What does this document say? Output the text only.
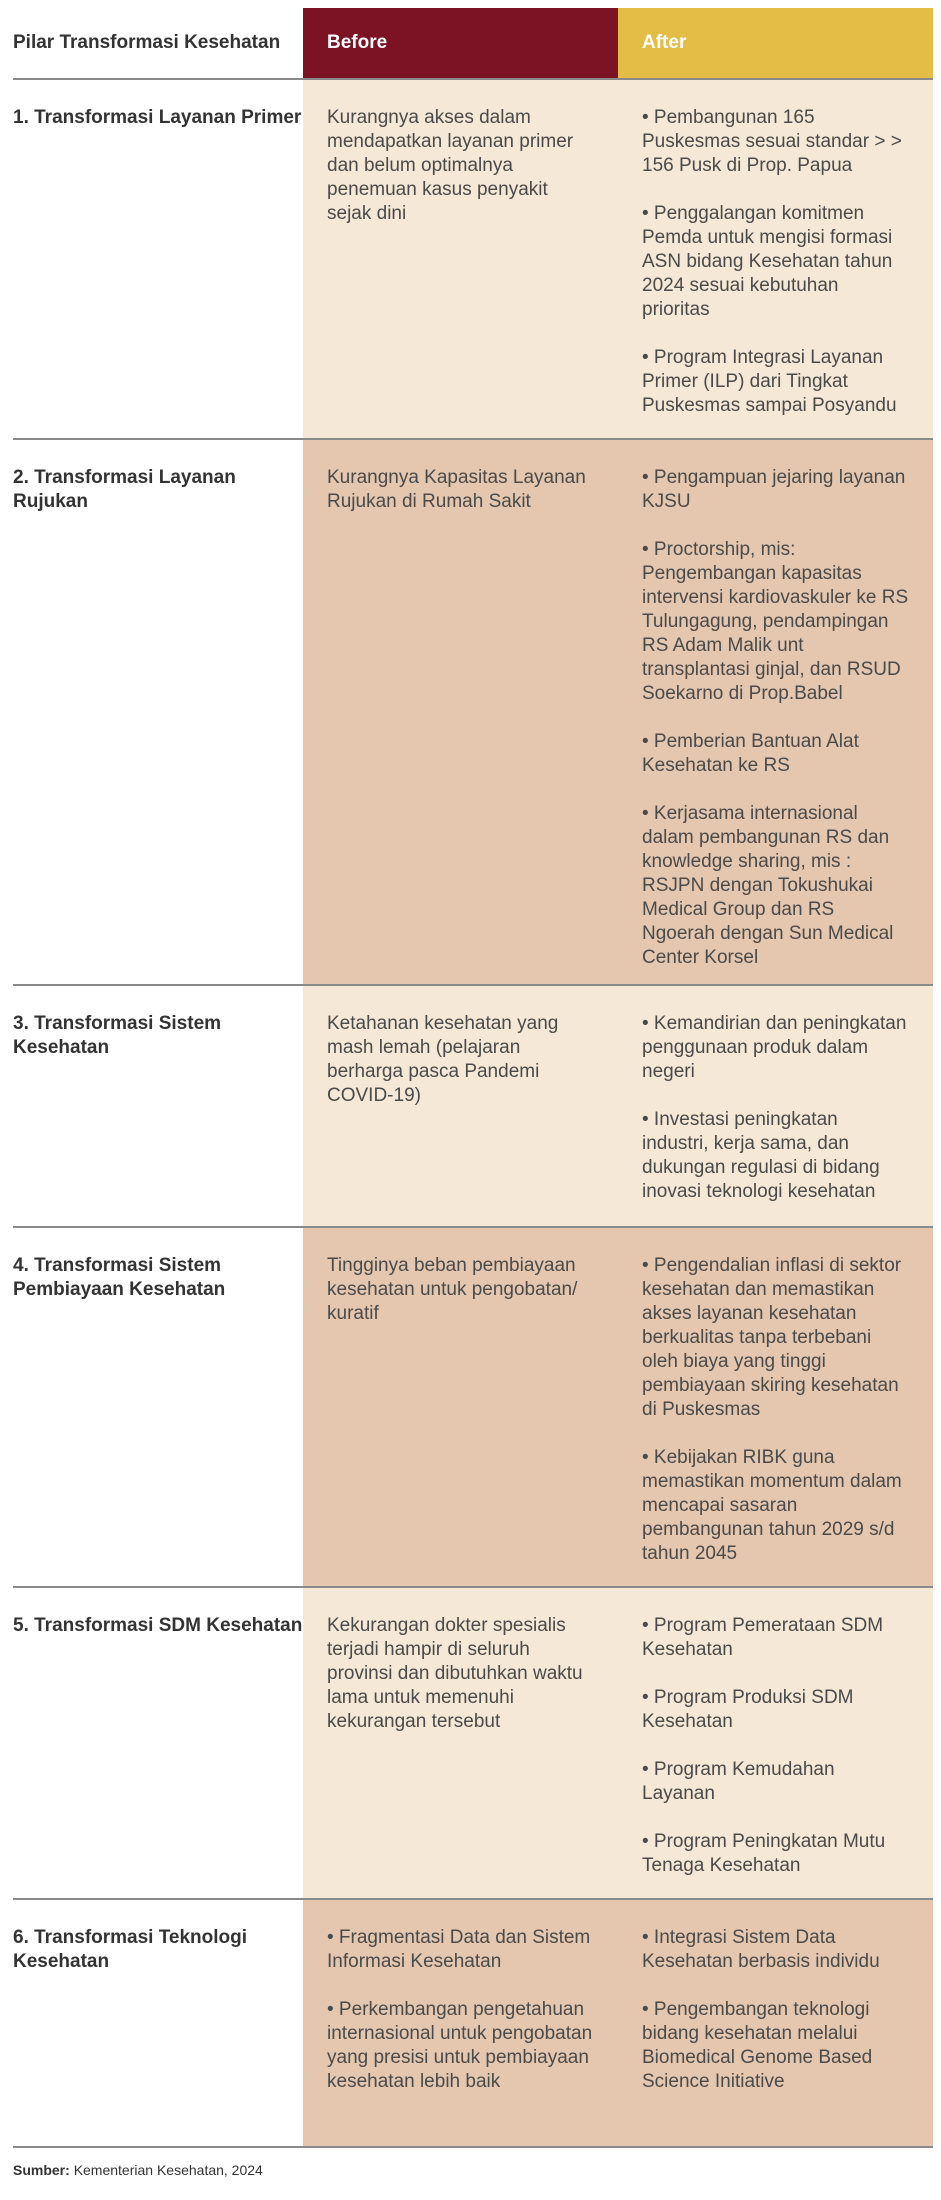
Pilar Transformasi Kesehatan	Before	After
1. Transformasi Layanan Primer Kurangnya akses dalam mendapatkan layanan primer dan belum optimalnya penemuan kasus penyakit sejak dini
• Pembangunan 165 Puskesmas sesuai standar > > 156 Pusk di Prop. Papua
• Penggalangan komitmen Pemda untuk mengisi formasi ASN bidang Kesehatan tahun 2024 sesuai kebutuhan prioritas
• Program Integrasi Layanan Primer (ILP) dari Tingkat Puskesmas sampai Posyandu
2. Transformasi Layanan Rujukan
Kurangnya Kapasitas Layanan Rujukan di Rumah Sakit
• Pengampuan jejaring layanan KJSU
• Proctorship, mis: Pengembangan kapasitas intervensi kardiovaskuler ke RS Tulungagung, pendampingan RS Adam Malik unt transplantasi ginjal, dan RSUD Soekarno di Prop.Babel
• Pemberian Bantuan Alat Kesehatan ke RS
• Kerjasama internasional dalam pembangunan RS dan knowledge sharing, mis : RSJPN dengan Tokushukai Medical Group dan RS Ngoerah dengan Sun Medical Center Korsel
3. Transformasi Sistem Kesehatan
Ketahanan kesehatan yang mash lemah (pelajaran berharga pasca Pandemi COVID-19)
• Kemandirian dan peningkatan penggunaan produk dalam negeri
• Investasi peningkatan industri, kerja sama, dan dukungan regulasi di bidang inovasi teknologi kesehatan
4. Transformasi Sistem Pembiayaan Kesehatan
Tingginya beban pembiayaan kesehatan untuk pengobatan/ kuratif
• Pengendalian inflasi di sektor kesehatan dan memastikan akses layanan kesehatan berkualitas tanpa terbebani oleh biaya yang tinggi pembiayaan skiring kesehatan di Puskesmas
• Kebijakan RIBK guna memastikan momentum dalam mencapai sasaran pembangunan tahun 2029 s/d tahun 2045
5. Transformasi SDM Kesehatan Kekurangan dokter spesialis terjadi hampir di seluruh provinsi dan dibutuhkan waktu lama untuk memenuhi kekurangan tersebut
• Program Pemerataan SDM Kesehatan
• Program Produksi SDM Kesehatan
• Program Kemudahan Layanan
• Program Peningkatan Mutu Tenaga Kesehatan
6. Transformasi Teknologi Kesehatan
• Fragmentasi Data dan Sistem Informasi Kesehatan
• Perkembangan pengetahuan internasional untuk pengobatan yang presisi untuk pembiayaan kesehatan lebih baik
• Integrasi Sistem Data Kesehatan berbasis individu
• Pengembangan teknologi bidang kesehatan melalui Biomedical Genome Based Science Initiative
Sumber: Kementerian Kesehatan, 2024
